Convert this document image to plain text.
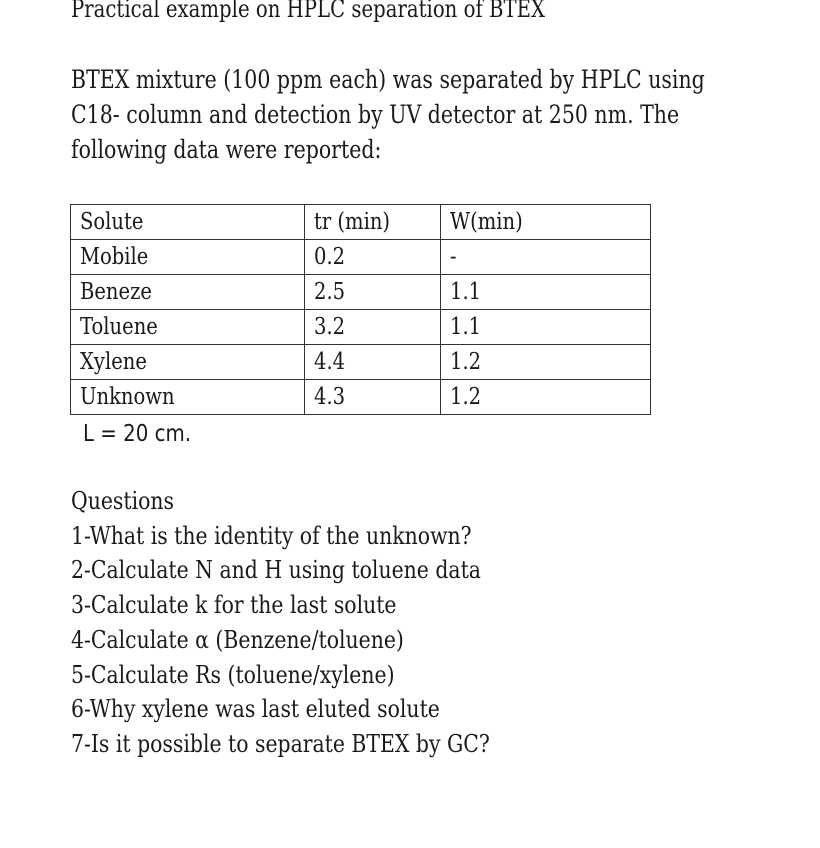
Practical example on HPLC separation of BTEX
BTEX mixture (100 ppm each) was separated by HPLC using
C18- column and detection by UV detector at 250 nm. The
following data were reported:
Solute	tr (min)	W(min)
Mobile	0.2	-
Beneze	2.5	1.1
Toluene	3.2	1.1
Xylene	4.4	1.2
Unknown	4.3	1.2
L = 20 cm.
Questions
1-What is the identity of the unknown?
2-Calculate N and H using toluene data
3-Calculate k for the last solute
4-Calculate α (Benzene/toluene)
5-Calculate Rs (toluene/xylene)
6-Why xylene was last eluted solute
7-Is it possible to separate BTEX by GC?
